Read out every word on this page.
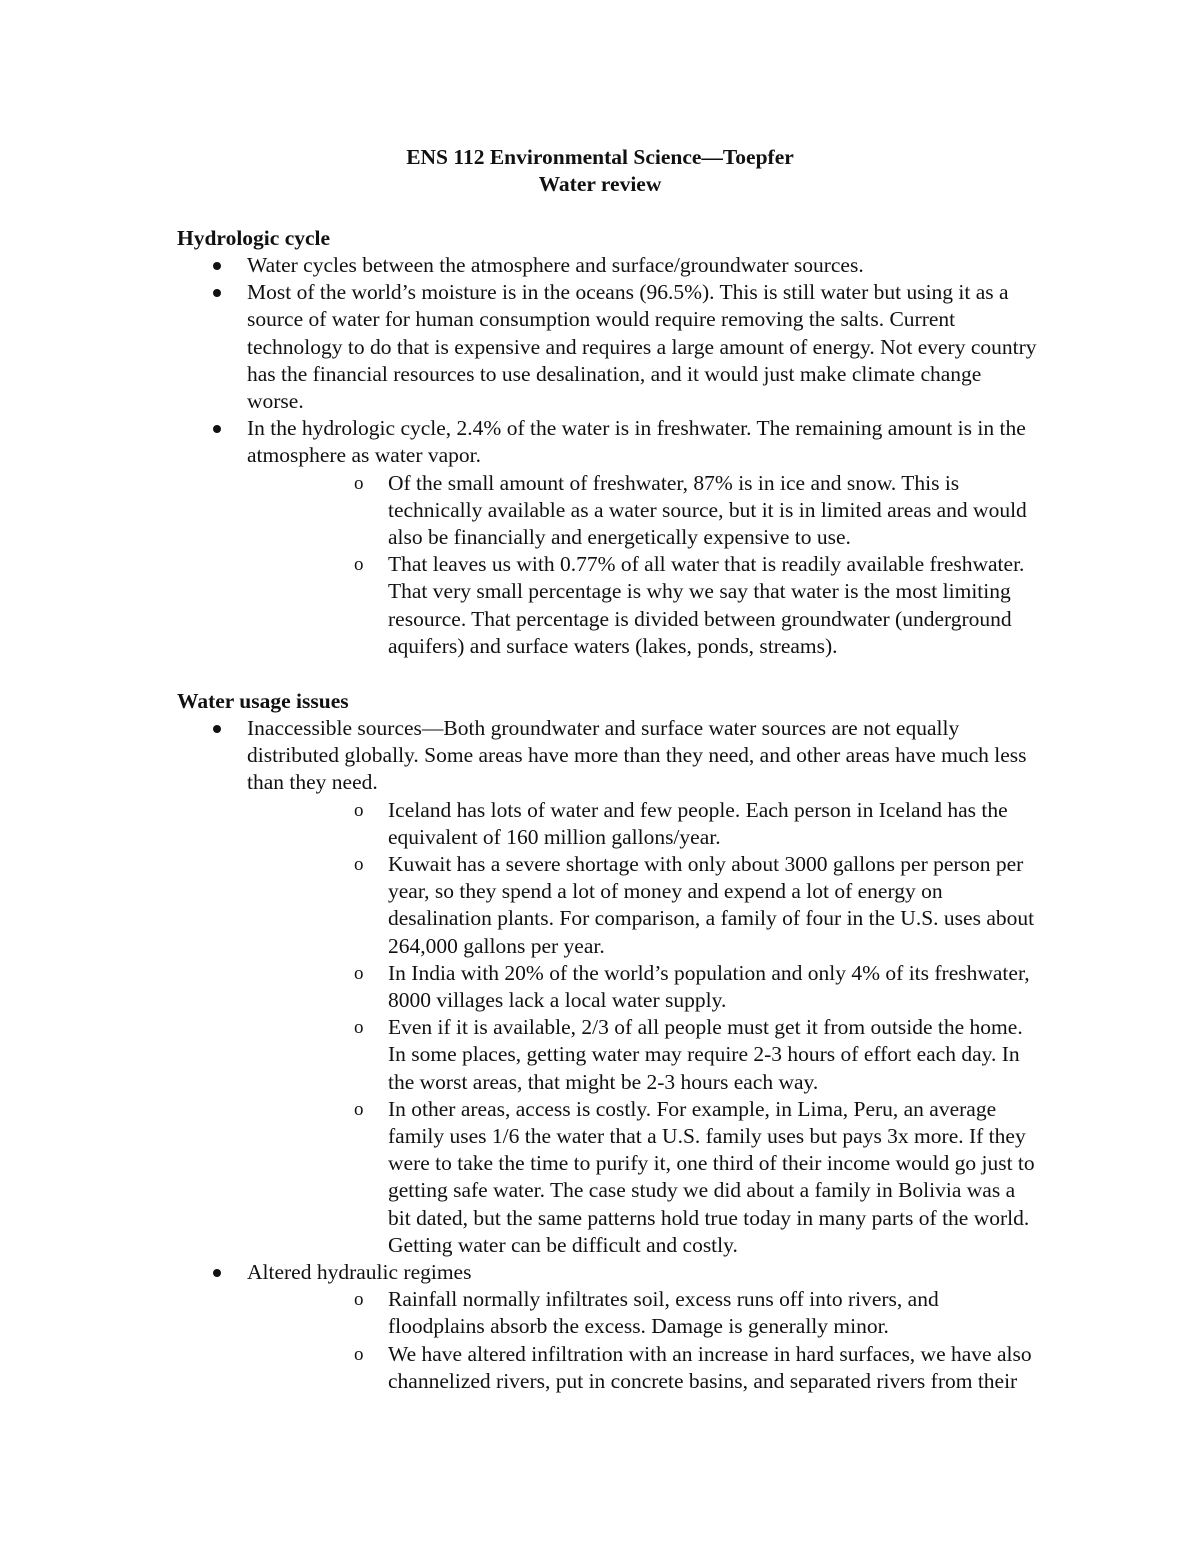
ENS 112 Environmental Science—Toepfer
Water review
Hydrologic cycle
Water cycles between the atmosphere and surface/groundwater sources.
Most of the world’s moisture is in the oceans (96.5%). This is still water but using it as a source of water for human consumption would require removing the salts. Current technology to do that is expensive and requires a large amount of energy. Not every country has the financial resources to use desalination, and it would just make climate change worse.
In the hydrologic cycle, 2.4% of the water is in freshwater. The remaining amount is in the atmosphere as water vapor.
o Of the small amount of freshwater, 87% is in ice and snow. This is technically available as a water source, but it is in limited areas and would also be financially and energetically expensive to use.
o That leaves us with 0.77% of all water that is readily available freshwater. That very small percentage is why we say that water is the most limiting resource. That percentage is divided between groundwater (underground aquifers) and surface waters (lakes, ponds, streams).
Water usage issues
Inaccessible sources—Both groundwater and surface water sources are not equally distributed globally. Some areas have more than they need, and other areas have much less than they need.
o Iceland has lots of water and few people. Each person in Iceland has the equivalent of 160 million gallons/year.
o Kuwait has a severe shortage with only about 3000 gallons per person per year, so they spend a lot of money and expend a lot of energy on desalination plants. For comparison, a family of four in the U.S. uses about 264,000 gallons per year.
o In India with 20% of the world’s population and only 4% of its freshwater, 8000 villages lack a local water supply.
o Even if it is available, 2/3 of all people must get it from outside the home. In some places, getting water may require 2-3 hours of effort each day. In the worst areas, that might be 2-3 hours each way.
o In other areas, access is costly. For example, in Lima, Peru, an average family uses 1/6 the water that a U.S. family uses but pays 3x more. If they were to take the time to purify it, one third of their income would go just to getting safe water. The case study we did about a family in Bolivia was a bit dated, but the same patterns hold true today in many parts of the world. Getting water can be difficult and costly.
Altered hydraulic regimes
o Rainfall normally infiltrates soil, excess runs off into rivers, and floodplains absorb the excess. Damage is generally minor.
o We have altered infiltration with an increase in hard surfaces, we have also channelized rivers, put in concrete basins, and separated rivers from their
